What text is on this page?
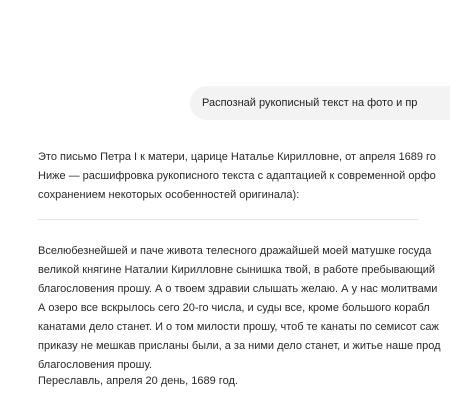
Распознай рукописный текст на фото и пр
Это письмо Петра I к матери, царице Наталье Кирилловне, от апреля 1689 го
Ниже — расшифровка рукописного текста с адаптацией к современной орфо
сохранением некоторых особенностей оригинала):
Вселюбезнейшей и паче живота телесного дражайшей моей матушке госуда
великой княгине Наталии Кирилловне сынишка твой, в работе пребывающий
благословения прошу. А о твоем здравии слышать желаю. А у нас молитвами
А озеро все вскрылось сего 20-го числа, и суды все, кроме большого корабл
канатами дело станет. И о том милости прошу, чтоб те канаты по семисот саж
приказу не мешкав присланы были, а за ними дело станет, и житье наше прод
благословения прошу.
Переславль, апреля 20 день, 1689 год.
